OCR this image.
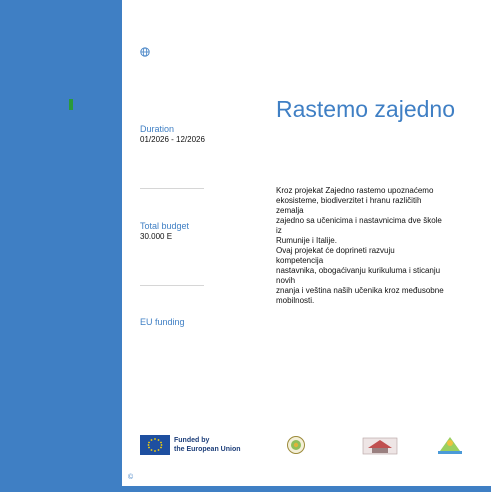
Rastemo zajedno
Duration
01/2026 - 12/2026
Total budget
30.000 E
EU funding
Kroz projekat Zajedno rastemo upoznaćemo
ekosisteme, biodiverzitet i hranu različitih
zemalja
zajedno sa učenicima i nastavnicima dve škole
iz
Rumunije i Italije.
Ovaj projekat će doprineti razvuju
kompetencija
nastavnika, obogaćivanju kurikuluma i sticanju
novih
znanja i veština naših učenika kroz međusobne
mobilnosti.
Funded by
the European Union
©
